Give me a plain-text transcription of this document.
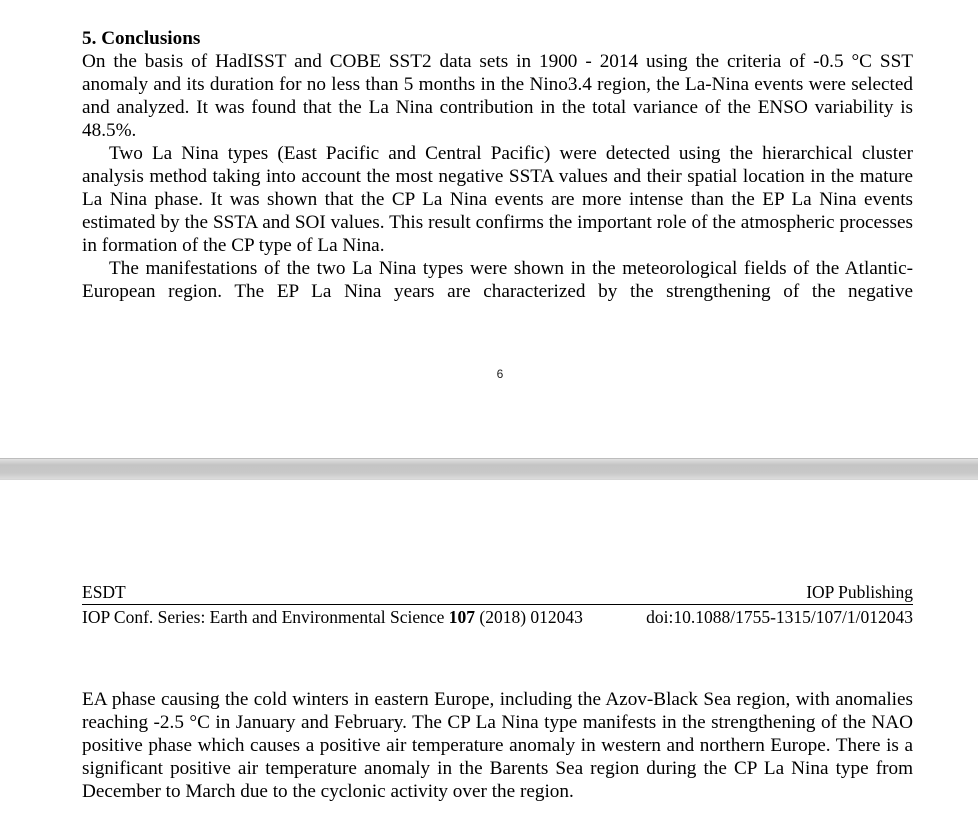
5. Conclusions

On the basis of HadISST and COBE SST2 data sets in 1900 - 2014 using the criteria of -0.5 °C SST anomaly and its duration for no less than 5 months in the Nino3.4 region, the La-Nina events were selected and analyzed. It was found that the La Nina contribution in the total variance of the ENSO variability is 48.5%.

Two La Nina types (East Pacific and Central Pacific) were detected using the hierarchical cluster analysis method taking into account the most negative SSTA values and their spatial location in the mature La Nina phase. It was shown that the CP La Nina events are more intense than the EP La Nina events estimated by the SSTA and SOI values. This result confirms the important role of the atmospheric processes in formation of the CP type of La Nina.

The manifestations of the two La Nina types were shown in the meteorological fields of the Atlantic-European region. The EP La Nina years are characterized by the strengthening of the negative

6
ESDT	IOP Publishing
IOP Conf. Series: Earth and Environmental Science 107 (2018) 012043	doi:10.1088/1755-1315/107/1/012043

EA phase causing the cold winters in eastern Europe, including the Azov-Black Sea region, with anomalies reaching -2.5 °C in January and February. The CP La Nina type manifests in the strengthening of the NAO positive phase which causes a positive air temperature anomaly in western and northern Europe. There is a significant positive air temperature anomaly in the Barents Sea region during the CP La Nina type from December to March due to the cyclonic activity over the region.
